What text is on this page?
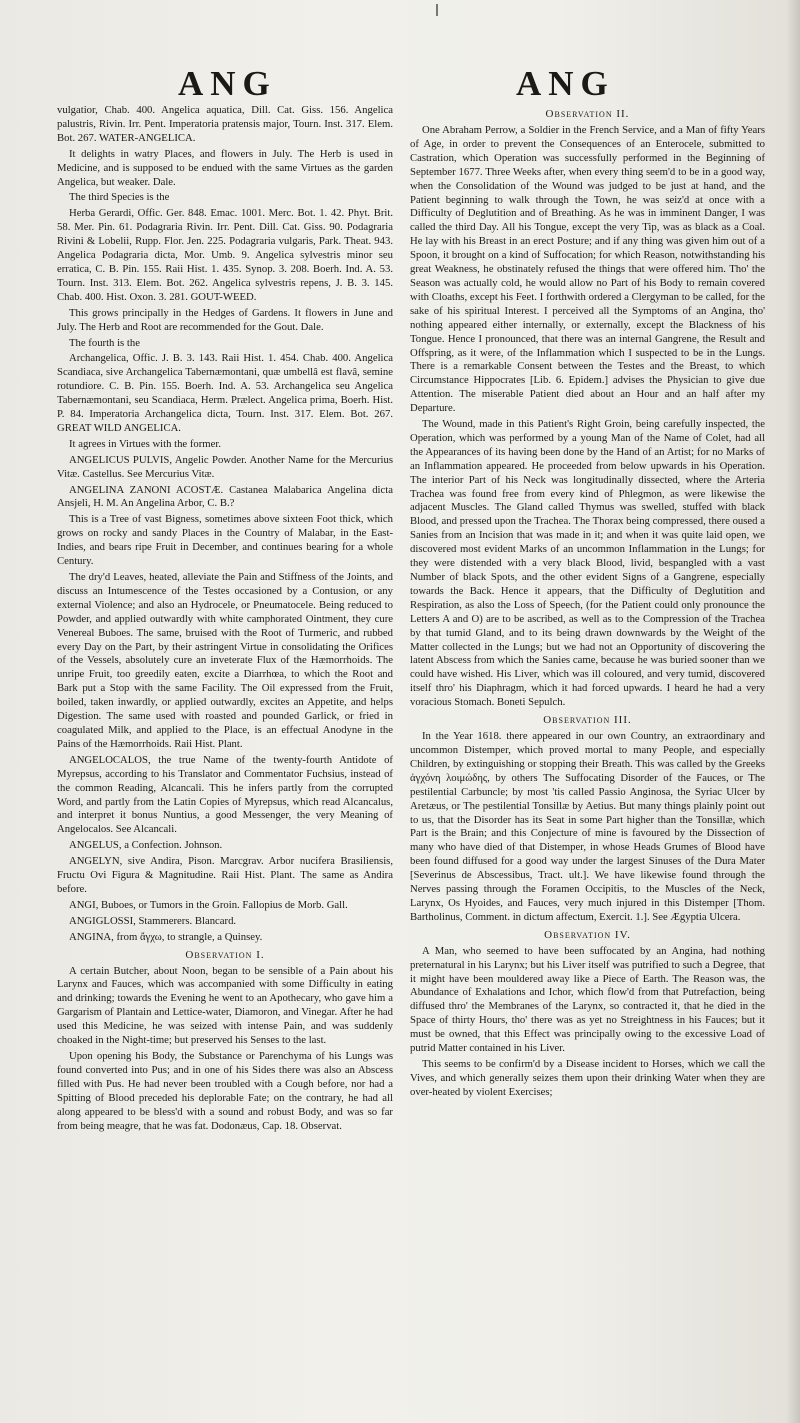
ANG	ANG

vulgatior, Chab. 400. Angelica aquatica, Dill. Cat. Giss. 156. Angelica palustris, Rivin. Irr. Pent. Imperatoria pratensis major, Tourn. Inst. 317. Elem. Bot. 267. WATER-ANGELICA.

It delights in watry Places, and flowers in July. The Herb is used in Medicine, and is supposed to be endued with the same Virtues as the garden Angelica, but weaker. Dale.

The third Species is the

Herba Gerardi, Offic. Ger. 848. Emac. 1001. Merc. Bot. 1. 42. Phyt. Brit. 58. Mer. Pin. 61. Podagraria Rivin. Irr. Pent. Dill. Cat. Giss. 90. Podagraria Rivini & Lobelii, Rupp. Flor. Jen. 225. Podagraria vulgaris, Park. Theat. 943. Angelica Podagraria dicta, Mor. Umb. 9. Angelica sylvestris minor seu erratica, C. B. Pin. 155. Raii Hist. 1. 435. Synop. 3. 208. Boerh. Ind. A. 53. Tourn. Inst. 313. Elem. Bot. 262. Angelica sylvestris repens, J. B. 3. 145. Chab. 400. Hist. Oxon. 3. 281. GOUT-WEED.

This grows principally in the Hedges of Gardens. It flowers in June and July. The Herb and Root are recommended for the Gout. Dale.

The fourth is the

Archangelica, Offic. J. B. 3. 143. Raii Hist. 1. 454. Chab. 400. Angelica Scandiaca, sive Archangelica Tabernæmontani, quæ umbellâ est flavâ, semine rotundiore. C. B. Pin. 155. Boerh. Ind. A. 53. Archangelica seu Angelica Tabernæmontani, seu Scandiaca, Herm. Prælect. Angelica prima, Boerh. Hist. P. 84. Imperatoria Archangelica dicta, Tourn. Inst. 317. Elem. Bot. 267. GREAT WILD ANGELICA.

It agrees in Virtues with the former.

ANGELICUS PULVIS, Angelic Powder. Another Name for the Mercurius Vitæ. Castellus. See Mercurius Vitæ.

ANGELINA ZANONI ACOSTÆ. Castanea Malabarica Angelina dicta Ansjeli, H. M. An Angelina Arbor, C. B.?

This is a Tree of vast Bigness, sometimes above sixteen Foot thick, which grows on rocky and sandy Places in the Country of Malabar, in the East-Indies, and bears ripe Fruit in December, and continues bearing for a whole Century.

The dry'd Leaves, heated, alleviate the Pain and Stiffness of the Joints, and discuss an Intumescence of the Testes occasioned by a Contusion, or any external Violence; and also an Hydrocele, or Pneumatocele. Being reduced to Powder, and applied outwardly with white camphorated Ointment, they cure Venereal Buboes. The same, bruised with the Root of Turmeric, and rubbed every Day on the Part, by their astringent Virtue in consolidating the Orifices of the Vessels, absolutely cure an inveterate Flux of the Hæmorrhoids. The unripe Fruit, too greedily eaten, excite a Diarrhœa, to which the Root and Bark put a Stop with the same Facility. The Oil expressed from the Fruit, boiled, taken inwardly, or applied outwardly, excites an Appetite, and helps Digestion. The same used with roasted and pounded Garlick, or fried in coagulated Milk, and applied to the Place, is an effectual Anodyne in the Pains of the Hæmorrhoids. Raii Hist. Plant.

ANGELOCALOS, the true Name of the twenty-fourth Antidote of Myrepsus, according to his Translator and Commentator Fuchsius, instead of the common Reading, Alcancali. This he infers partly from the corrupted Word, and partly from the Latin Copies of Myrepsus, which read Alcancalus, and interpret it bonus Nuntius, a good Messenger, the very Meaning of Angelocalos. See Alcancali.

ANGELUS, a Confection. Johnson.

ANGELYN, sive Andira, Pison. Marcgrav. Arbor nucifera Brasiliensis, Fructu Ovi Figura & Magnitudine. Raii Hist. Plant. The same as Andira before.

ANGI, Buboes, or Tumors in the Groin. Fallopius de Morb. Gall.

ANGIGLOSSI, Stammerers. Blancard.

ANGINA, from ἄγχω, to strangle, a Quinsey.

Observation I.

A certain Butcher, about Noon, began to be sensible of a Pain about his Larynx and Fauces, which was accompanied with some Difficulty in eating and drinking; towards the Evening he went to an Apothecary, who gave him a Gargarism of Plantain and Lettice-water, Diamoron, and Vinegar. After he had used this Medicine, he was seized with intense Pain, and was suddenly choaked in the Night-time; but preserved his Senses to the last.

Upon opening his Body, the Substance or Parenchyma of his Lungs was found converted into Pus; and in one of his Sides there was also an Abscess filled with Pus. He had never been troubled with a Cough before, nor had a Spitting of Blood preceded his deplorable Fate; on the contrary, he had all along appeared to be bless'd with a sound and robust Body, and was so far from being meagre, that he was fat. Dodonæus, Cap. 18. Observat.

Observation II.

One Abraham Perrow, a Soldier in the French Service, and a Man of fifty Years of Age, in order to prevent the Consequences of an Enterocele, submitted to Castration, which Operation was successfully performed in the Beginning of September 1677. Three Weeks after, when every thing seem'd to be in a good way, when the Consolidation of the Wound was judged to be just at hand, and the Patient beginning to walk through the Town, he was seiz'd at once with a Difficulty of Deglutition and of Breathing. As he was in imminent Danger, I was called the third Day. All his Tongue, except the very Tip, was as black as a Coal. He lay with his Breast in an erect Posture; and if any thing was given him out of a Spoon, it brought on a kind of Suffocation; for which Reason, notwithstanding his great Weakness, he obstinately refused the things that were offered him. Tho' the Season was actually cold, he would allow no Part of his Body to remain covered with Cloaths, except his Feet. I forthwith ordered a Clergyman to be called, for the sake of his spiritual Interest. I perceived all the Symptoms of an Angina, tho' nothing appeared either internally, or externally, except the Blackness of his Tongue. Hence I pronounced, that there was an internal Gangrene, the Result and Offspring, as it were, of the Inflammation which I suspected to be in the Lungs. There is a remarkable Consent between the Testes and the Breast, to which Circumstance Hippocrates [Lib. 6. Epidem.] advises the Physician to give due Attention. The miserable Patient died about an Hour and an half after my Departure.

The Wound, made in this Patient's Right Groin, being carefully inspected, the Operation, which was performed by a young Man of the Name of Colet, had all the Appearances of its having been done by the Hand of an Artist; for no Marks of an Inflammation appeared. He proceeded from below upwards in his Operation. The interior Part of his Neck was longitudinally dissected, where the Arteria Trachea was found free from every kind of Phlegmon, as were likewise the adjacent Muscles. The Gland called Thymus was swelled, stuffed with black Blood, and pressed upon the Trachea. The Thorax being compressed, there oused a Sanies from an Incision that was made in it; and when it was quite laid open, we discovered most evident Marks of an uncommon Inflammation in the Lungs; for they were distended with a very black Blood, livid, bespangled with a vast Number of black Spots, and the other evident Signs of a Gangrene, especially towards the Back. Hence it appears, that the Difficulty of Deglutition and Respiration, as also the Loss of Speech, (for the Patient could only pronounce the Letters A and O) are to be ascribed, as well as to the Compression of the Trachea by that tumid Gland, and to its being drawn downwards by the Weight of the Matter collected in the Lungs; but we had not an Opportunity of discovering the latent Abscess from which the Sanies came, because he was buried sooner than we could have wished. His Liver, which was ill coloured, and very tumid, discovered itself thro' his Diaphragm, which it had forced upwards. I heard he had a very voracious Stomach. Boneti Sepulch.

Observation III.

In the Year 1618. there appeared in our own Country, an extraordinary and uncommon Distemper, which proved mortal to many People, and especially Children, by extinguishing or stopping their Breath. This was called by the Greeks ἀγχόνη λοιμώδης, by others The Suffocating Disorder of the Fauces, or The pestilential Carbuncle; by most 'tis called Passio Anginosa, the Syriac Ulcer by Aretæus, or The pestilential Tonsillæ by Aetius. But many things plainly point out to us, that the Disorder has its Seat in some Part higher than the Tonsillæ, which Part is the Brain; and this Conjecture of mine is favoured by the Dissection of many who have died of that Distemper, in whose Heads Grumes of Blood have been found diffused for a good way under the largest Sinuses of the Dura Mater [Severinus de Abscessibus, Tract. ult.]. We have likewise found through the Nerves passing through the Foramen Occipitis, to the Muscles of the Neck, Larynx, Os Hyoides, and Fauces, very much injured in this Distemper [Thom. Bartholinus, Comment. in dictum affectum, Exercit. 1.]. See Ægyptia Ulcera.

Observation IV.

A Man, who seemed to have been suffocated by an Angina, had nothing preternatural in his Larynx; but his Liver itself was putrified to such a Degree, that it might have been mouldered away like a Piece of Earth. The Reason was, the Abundance of Exhalations and Ichor, which flow'd from that Putrefaction, being diffused thro' the Membranes of the Larynx, so contracted it, that he died in the Space of thirty Hours, tho' there was as yet no Streightness in his Fauces; but it must be owned, that this Effect was principally owing to the excessive Load of putrid Matter contained in his Liver.

This seems to be confirm'd by a Disease incident to Horses, which we call the Vives, and which generally seizes them upon their drinking Water when they are over-heated by violent Exercises;
